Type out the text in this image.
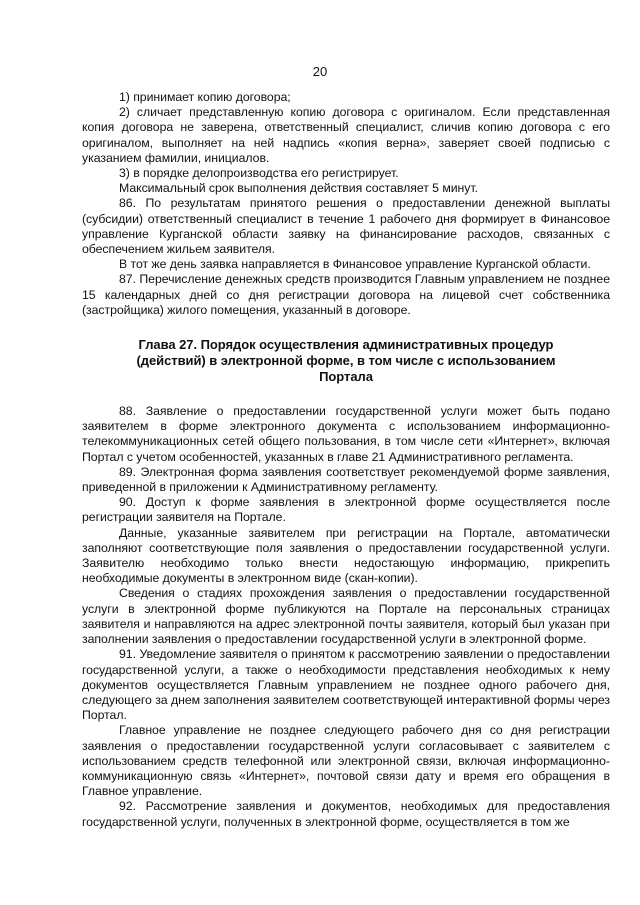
20

1) принимает копию договора;

2) сличает представленную копию договора с оригиналом. Если представленная копия договора не заверена, ответственный специалист, сличив копию договора с его оригиналом, выполняет на ней надпись «копия верна», заверяет своей подписью с указанием фамилии, инициалов.

3) в порядке делопроизводства его регистрирует.

Максимальный срок выполнения действия составляет 5 минут.

86. По результатам принятого решения о предоставлении денежной выплаты (субсидии) ответственный специалист в течение 1 рабочего дня формирует в Финансовое управление Курганской области заявку на финансирование расходов, связанных с обеспечением жильем заявителя.

В тот же день заявка направляется в Финансовое управление Курганской области.

87. Перечисление денежных средств производится Главным управлением не позднее 15 календарных дней со дня регистрации договора на лицевой счет собственника (застройщика) жилого помещения, указанный в договоре.

Глава 27. Порядок осуществления административных процедур
(действий) в электронной форме, в том числе с использованием
Портала

88. Заявление о предоставлении государственной услуги может быть подано заявителем в форме электронного документа с использованием информационно-телекоммуникационных сетей общего пользования, в том числе сети «Интернет», включая Портал с учетом особенностей, указанных в главе 21 Административного регламента.

89. Электронная форма заявления соответствует рекомендуемой форме заявления, приведенной в приложении к Административному регламенту.

90. Доступ к форме заявления в электронной форме осуществляется после регистрации заявителя на Портале.

Данные, указанные заявителем при регистрации на Портале, автоматически заполняют соответствующие поля заявления о предоставлении государственной услуги. Заявителю необходимо только внести недостающую информацию, прикрепить необходимые документы в электронном виде (скан-копии).

Сведения о стадиях прохождения заявления о предоставлении государственной услуги в электронной форме публикуются на Портале на персональных страницах заявителя и направляются на адрес электронной почты заявителя, который был указан при заполнении заявления о предоставлении государственной услуги в электронной форме.

91. Уведомление заявителя о принятом к рассмотрению заявлении о предоставлении государственной услуги, а также о необходимости представления необходимых к нему документов осуществляется Главным управлением не позднее одного рабочего дня, следующего за днем заполнения заявителем соответствующей интерактивной формы через Портал.

Главное управление не позднее следующего рабочего дня со дня регистрации заявления о предоставлении государственной услуги согласовывает с заявителем с использованием средств телефонной или электронной связи, включая информационно-коммуникационную связь «Интернет», почтовой связи дату и время его обращения в Главное управление.

92. Рассмотрение заявления и документов, необходимых для предоставления государственной услуги, полученных в электронной форме, осуществляется в том же
